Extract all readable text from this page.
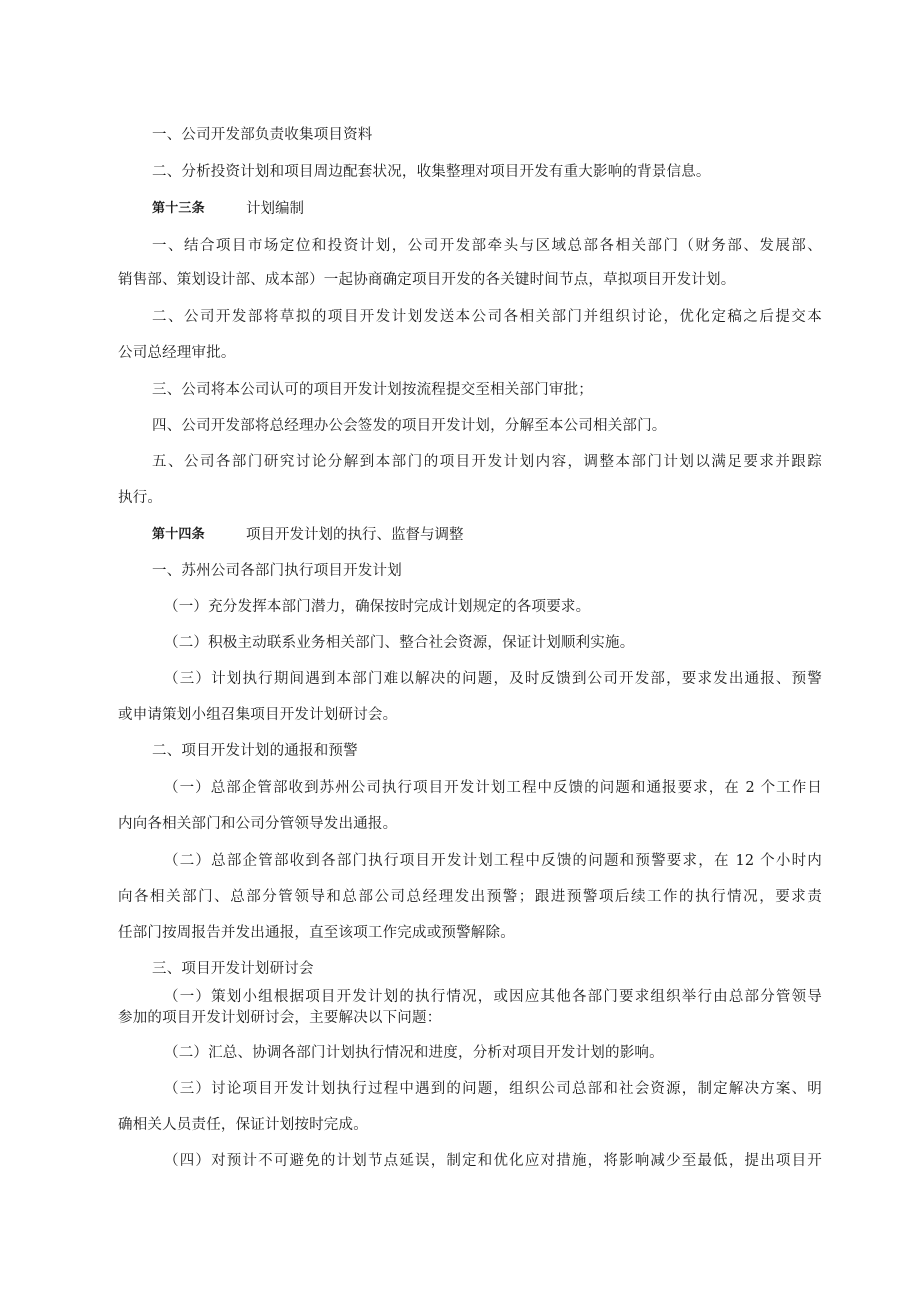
一、公司开发部负责收集项目资料
二、分析投资计划和项目周边配套状况，收集整理对项目开发有重大影响的背景信息。
第十三条	计划编制
一、结合项目市场定位和投资计划，公司开发部牵头与区域总部各相关部门（财务部、发展部、
销售部、策划设计部、成本部）一起协商确定项目开发的各关键时间节点，草拟项目开发计划。
二、公司开发部将草拟的项目开发计划发送本公司各相关部门并组织讨论，优化定稿之后提交本
公司总经理审批。
三、公司将本公司认可的项目开发计划按流程提交至相关部门审批；
四、公司开发部将总经理办公会签发的项目开发计划，分解至本公司相关部门。
五、公司各部门研究讨论分解到本部门的项目开发计划内容，调整本部门计划以满足要求并跟踪
执行。
第十四条	项目开发计划的执行、监督与调整
一、苏州公司各部门执行项目开发计划
（一）充分发挥本部门潜力，确保按时完成计划规定的各项要求。
（二）积极主动联系业务相关部门、整合社会资源，保证计划顺利实施。
（三）计划执行期间遇到本部门难以解决的问题，及时反馈到公司开发部，要求发出通报、预警
或申请策划小组召集项目开发计划研讨会。
二、项目开发计划的通报和预警
（一）总部企管部收到苏州公司执行项目开发计划工程中反馈的问题和通报要求，在 2 个工作日
内向各相关部门和公司分管领导发出通报。
（二）总部企管部收到各部门执行项目开发计划工程中反馈的问题和预警要求，在 12 个小时内
向各相关部门、总部分管领导和总部公司总经理发出预警；跟进预警项后续工作的执行情况，要求责
任部门按周报告并发出通报，直至该项工作完成或预警解除。
三、项目开发计划研讨会
（一）策划小组根据项目开发计划的执行情况，或因应其他各部门要求组织举行由总部分管领导
参加的项目开发计划研讨会，主要解决以下问题：
（二）汇总、协调各部门计划执行情况和进度，分析对项目开发计划的影响。
（三）讨论项目开发计划执行过程中遇到的问题，组织公司总部和社会资源，制定解决方案、明
确相关人员责任，保证计划按时完成。
（四）对预计不可避免的计划节点延误，制定和优化应对措施，将影响减少至最低，提出项目开
